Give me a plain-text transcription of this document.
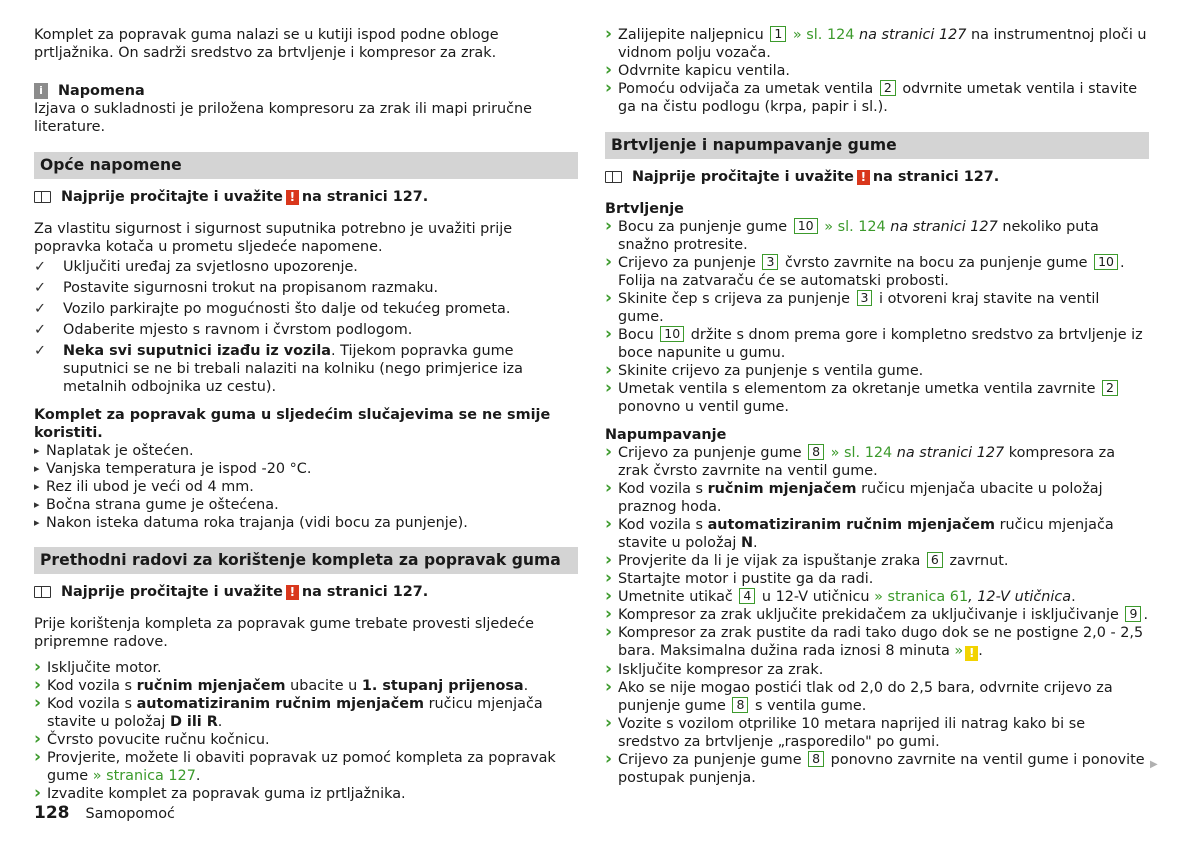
Komplet za popravak guma nalazi se u kutiji ispod podne obloge prtljažnika. On sadrži sredstvo za brtvljenje i kompresor za zrak.

i	Napomena

Izjava o sukladnosti je priložena kompresoru za zrak ili mapi priručne literature.

Opće napomene
Najprije pročitajte i uvažite ! na stranici 127.

Za vlastitu sigurnost i sigurnost suputnika potrebno je uvažiti prije popravka kotača u prometu sljedeće napomene.

✓ Uključiti uređaj za svjetlosno upozorenje.
✓ Postavite sigurnosni trokut na propisanom razmaku.
✓ Vozilo parkirajte po mogućnosti što dalje od tekućeg prometa.
✓ Odaberite mjesto s ravnom i čvrstom podlogom.
✓ Neka svi suputnici izađu iz vozila. Tijekom popravka gume suputnici se ne bi trebali nalaziti na kolniku (nego primjerice iza metalnih odbojnika uz cestu).

Komplet za popravak guma u sljedećim slučajevima se ne smije koristiti.

▸ Naplatak je oštećen.
▸ Vanjska temperatura je ispod -20 °C.
▸ Rez ili ubod je veći od 4 mm.
▸ Bočna strana gume je oštećena.
▸ Nakon isteka datuma roka trajanja (vidi bocu za punjenje).
Prethodni radovi za korištenje kompleta za popravak guma
Najprije pročitajte i uvažite ! na stranici 127.

Prije korištenja kompleta za popravak gume trebate provesti sljedeće pripremne radove.

› Isključite motor.
› Kod vozila s ručnim mjenjačem ubacite u 1. stupanj prijenosa.
› Kod vozila s automatiziranim ručnim mjenjačem ručicu mjenjača stavite u položaj D ili R.
› Čvrsto povucite ručnu kočnicu.
› Provjerite, možete li obaviti popravak uz pomoć kompleta za popravak gume » stranica 127.
› Izvadite komplet za popravak guma iz prtljažnika.
› Zalijepite naljepnicu 1 » sl. 124 na stranici 127 na instrumentnoj ploči u vidnom polju vozača.
› Odvrnite kapicu ventila.
› Pomoću odvijača za umetak ventila 2 odvrnite umetak ventila i stavite ga na čistu podlogu (krpa, papir i sl.).
Brtvljenje i napumpavanje gume
Najprije pročitajte i uvažite ! na stranici 127.

Brtvljenje

› Bocu za punjenje gume 10 » sl. 124 na stranici 127 nekoliko puta snažno protresite.
› Crijevo za punjenje 3 čvrsto zavrnite na bocu za punjenje gume 10 . Folija na zatvaraču će se automatski probosti.
› Skinite čep s crijeva za punjenje 3 i otvoreni kraj stavite na ventil gume.
› Bocu 10 držite s dnom prema gore i kompletno sredstvo za brtvljenje iz boce napunite u gumu.
› Skinite crijevo za punjenje s ventila gume.
› Umetak ventila s elementom za okretanje umetka ventila zavrnite 2 ponovno u ventil gume.

Napumpavanje

› Crijevo za punjenje gume 8 » sl. 124 na stranici 127 kompresora za zrak čvrsto zavrnite na ventil gume.
› Kod vozila s ručnim mjenjačem ručicu mjenjača ubacite u položaj praznog hoda.
› Kod vozila s automatiziranim ručnim mjenjačem ručicu mjenjača stavite u položaj N.
› Provjerite da li je vijak za ispuštanje zraka 6 zavrnut.
› Startajte motor i pustite ga da radi.
› Umetnite utikač 4 u 12-V utičnicu » stranica 61, 12-V utičnica.
› Kompresor za zrak uključite prekidačem za uključivanje i isključivanje 9 .
› Kompresor za zrak pustite da radi tako dugo dok se ne postigne 2,0 - 2,5 bara. Maksimalna dužina rada iznosi 8 minuta » ! .
› Isključite kompresor za zrak.
› Ako se nije mogao postići tlak od 2,0 do 2,5 bara, odvrnite crijevo za punjenje gume 8 s ventila gume.
› Vozite s vozilom otprilike 10 metara naprijed ili natrag kako bi se sredstvo za brtvljenje „rasporedilo" po gumi.
› Crijevo za punjenje gume 8 ponovno zavrnite na ventil gume i ponovite postupak punjenja.
▶
128 Samopomoć
